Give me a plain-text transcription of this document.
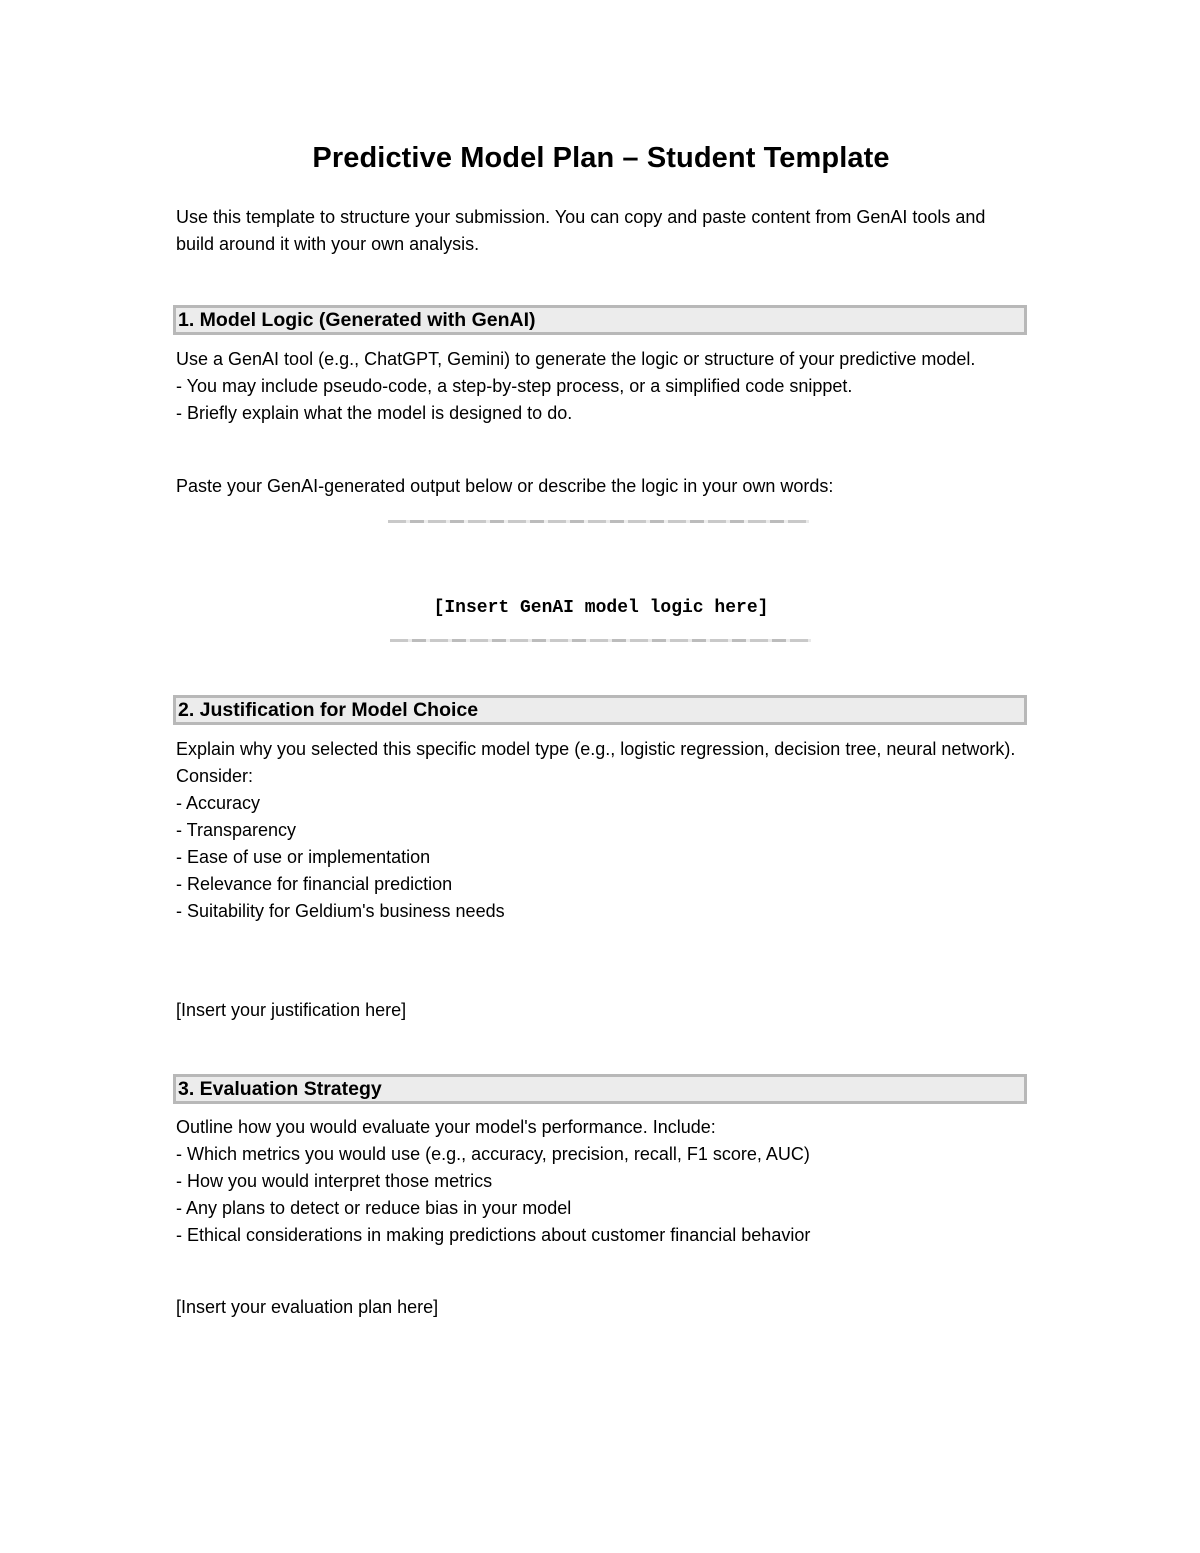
Predictive Model Plan – Student Template
Use this template to structure your submission. You can copy and paste content from GenAI tools and build around it with your own analysis.
1. Model Logic (Generated with GenAI)
Use a GenAI tool (e.g., ChatGPT, Gemini) to generate the logic or structure of your predictive model.
- You may include pseudo-code, a step-by-step process, or a simplified code snippet.
- Briefly explain what the model is designed to do.
Paste your GenAI-generated output below or describe the logic in your own words:
[Insert GenAI model logic here]
2. Justification for Model Choice
Explain why you selected this specific model type (e.g., logistic regression, decision tree, neural network). Consider:
- Accuracy
- Transparency
- Ease of use or implementation
- Relevance for financial prediction
- Suitability for Geldium's business needs
[Insert your justification here]
3. Evaluation Strategy
Outline how you would evaluate your model's performance. Include:
- Which metrics you would use (e.g., accuracy, precision, recall, F1 score, AUC)
- How you would interpret those metrics
- Any plans to detect or reduce bias in your model
- Ethical considerations in making predictions about customer financial behavior
[Insert your evaluation plan here]
